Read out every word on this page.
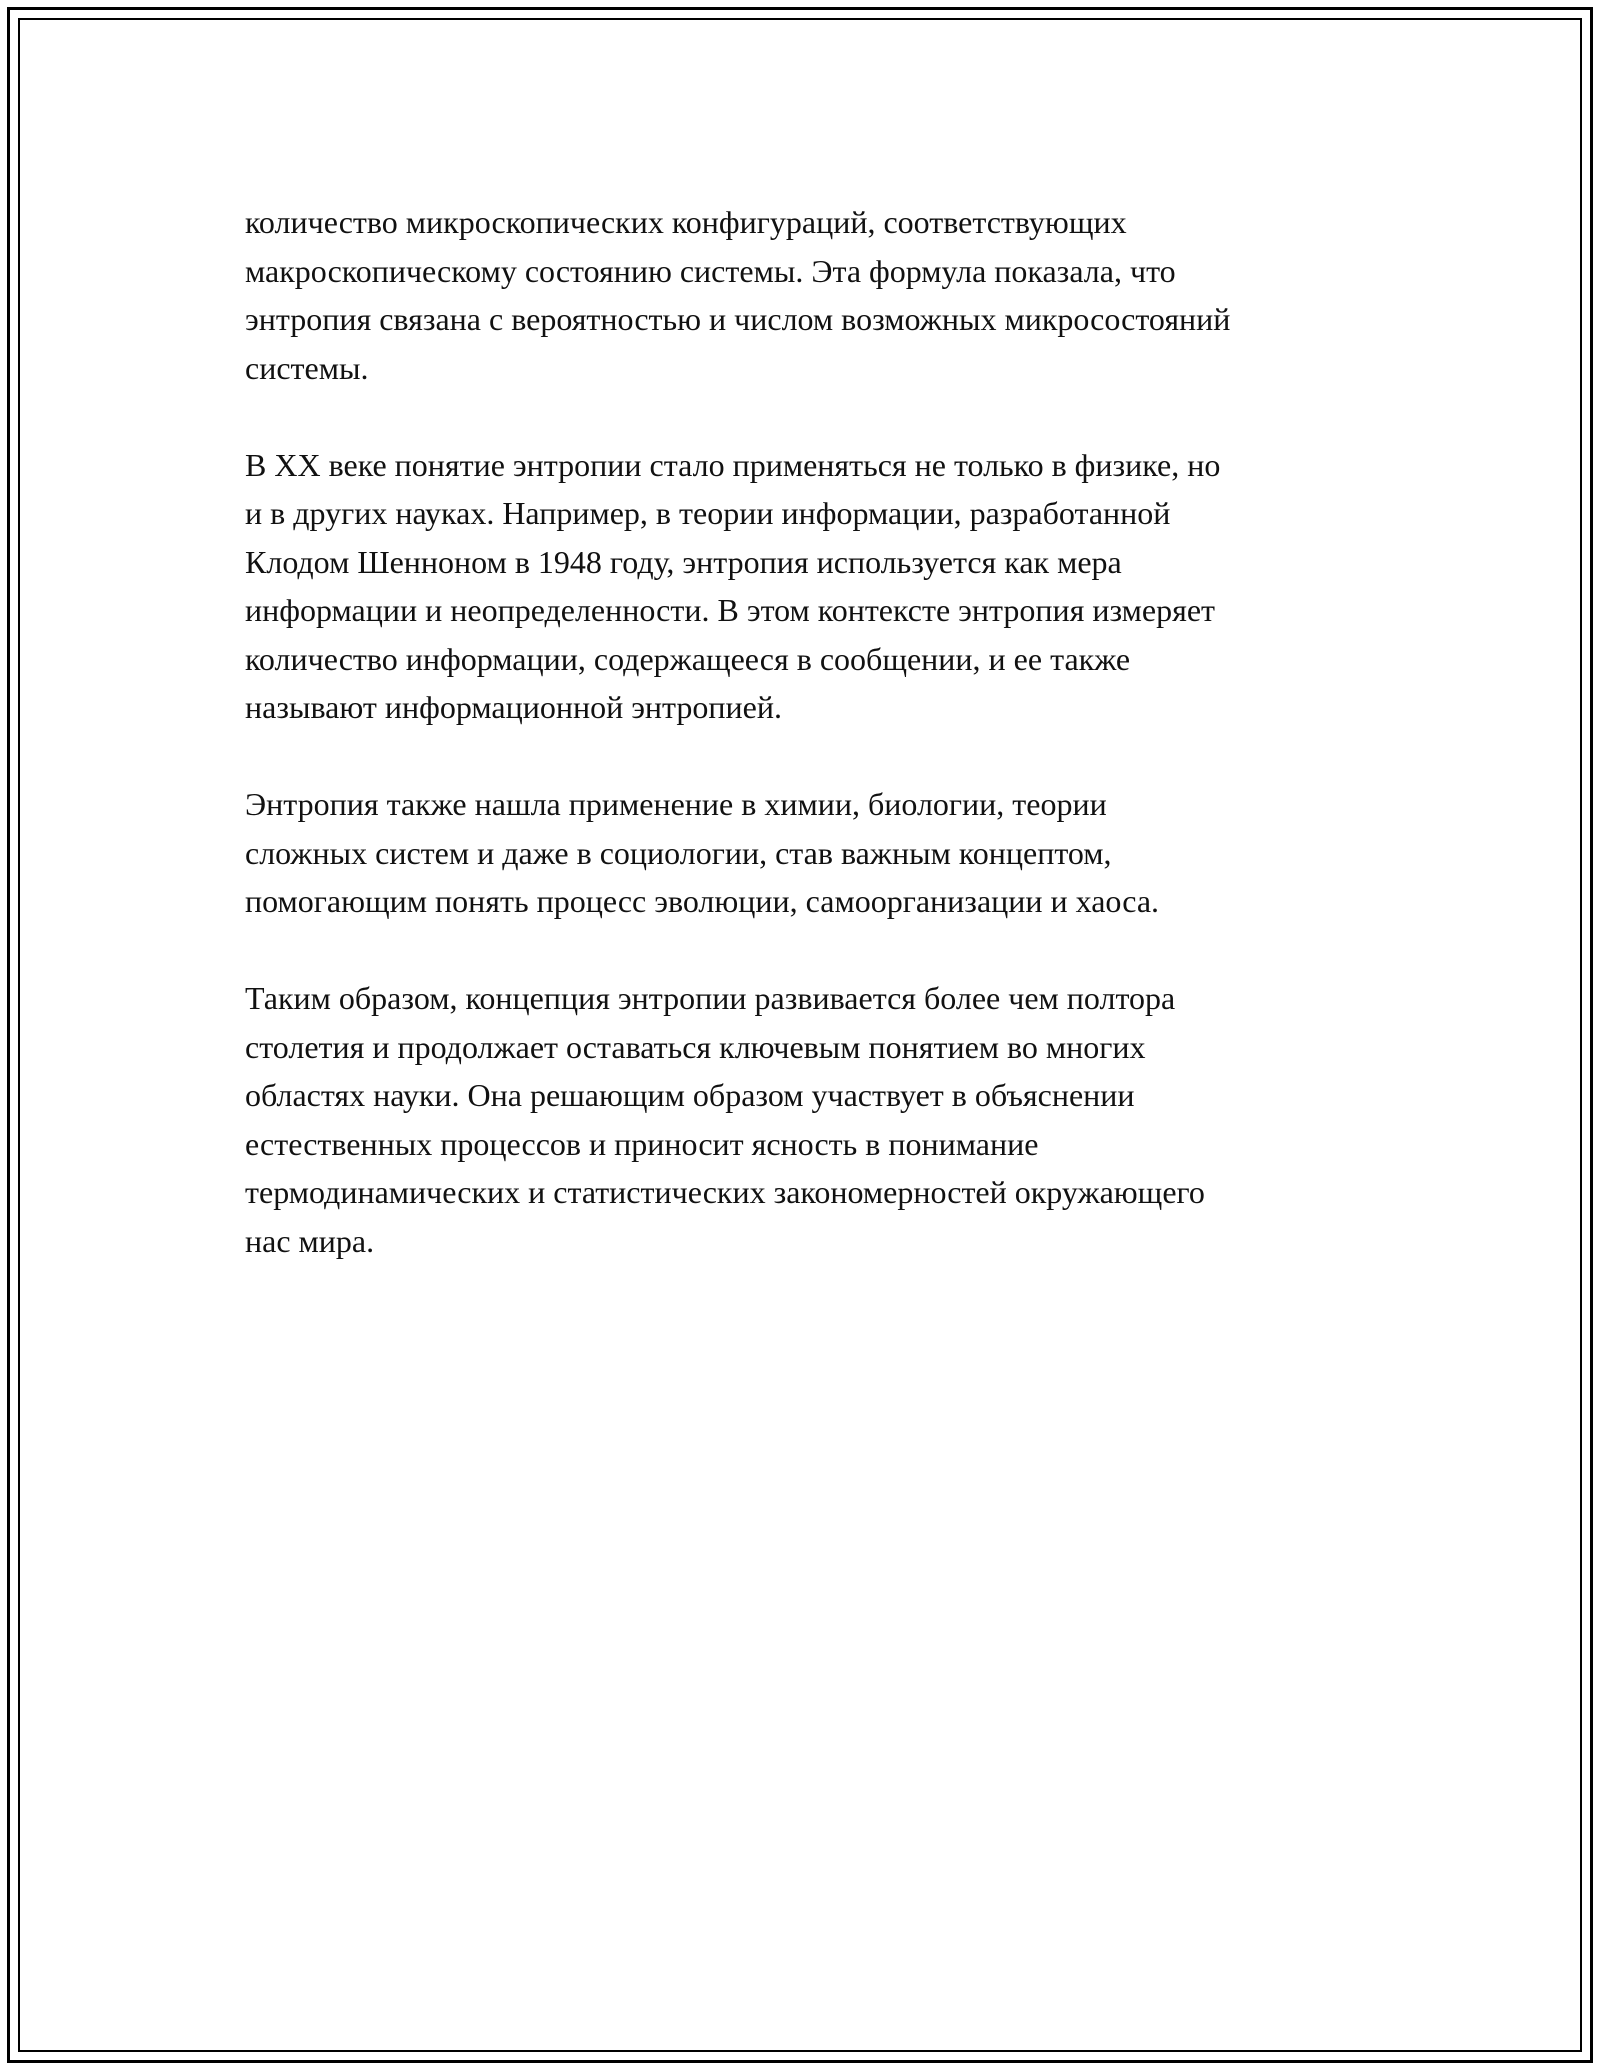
количество микроскопических конфигураций, соответствующих
макроскопическому состоянию системы. Эта формула показала, что
энтропия связана с вероятностью и числом возможных микросостояний
системы.

В XX веке понятие энтропии стало применяться не только в физике, но
и в других науках. Например, в теории информации, разработанной
Клодом Шенноном в 1948 году, энтропия используется как мера
информации и неопределенности. В этом контексте энтропия измеряет
количество информации, содержащееся в сообщении, и ее также
называют информационной энтропией.

Энтропия также нашла применение в химии, биологии, теории
сложных систем и даже в социологии, став важным концептом,
помогающим понять процесс эволюции, самоорганизации и хаоса.

Таким образом, концепция энтропии развивается более чем полтора
столетия и продолжает оставаться ключевым понятием во многих
областях науки. Она решающим образом участвует в объяснении
естественных процессов и приносит ясность в понимание
термодинамических и статистических закономерностей окружающего
нас мира.
